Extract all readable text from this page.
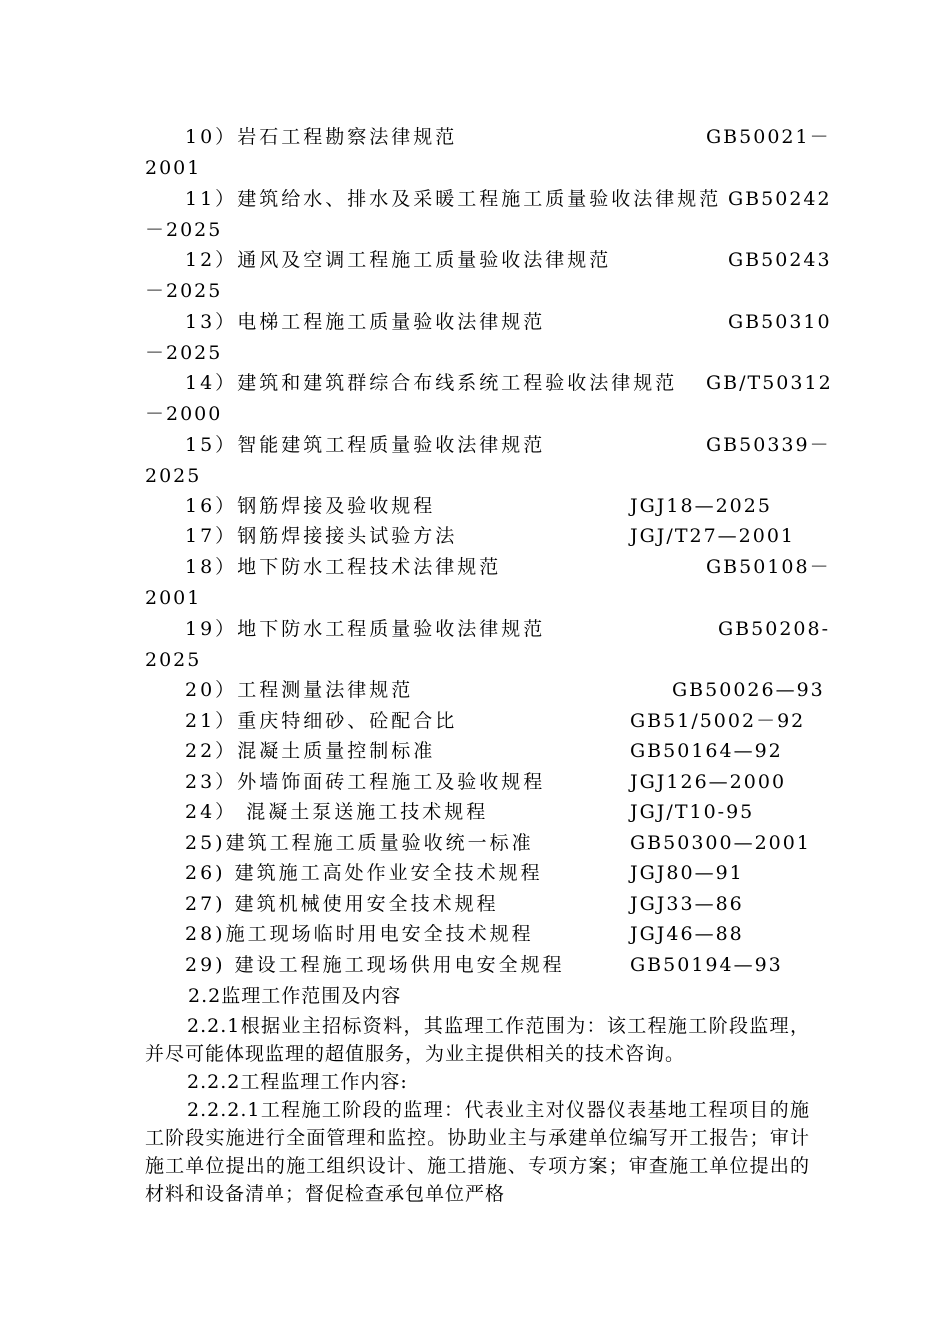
10）岩石工程勘察法律规范	GB50021－
2001
11）建筑给水、排水及采暖工程施工质量验收法律规范 GB50242
－2025
12）通风及空调工程施工质量验收法律规范	GB50243
－2025
13）电梯工程施工质量验收法律规范	GB50310
－2025
14）建筑和建筑群综合布线系统工程验收法律规范 GB/T50312
－2000
15）智能建筑工程质量验收法律规范	GB50339－
2025
16）钢筋焊接及验收规程	JGJ18—2025
17）钢筋焊接接头试验方法	JGJ/T27—2001
18）地下防水工程技术法律规范	GB50108－
2001
19）地下防水工程质量验收法律规范	GB50208-
2025
20）工程测量法律规范	GB50026—93
21）重庆特细砂、砼配合比	GB51/5002－92
22）混凝土质量控制标准	GB50164—92
23）外墙饰面砖工程施工及验收规程	JGJ126—2000
24） 混凝土泵送施工技术规程	JGJ/T10-95
25)建筑工程施工质量验收统一标准	GB50300—2001
26) 建筑施工高处作业安全技术规程	JGJ80—91
27) 建筑机械使用安全技术规程	JGJ33—86
28)施工现场临时用电安全技术规程	JGJ46—88
29) 建设工程施工现场供用电安全规程	GB50194—93
2.2监理工作范围及内容

2.2.1根据业主招标资料，其监理工作范围为：该工程施工阶段监理，并尽可能体现监理的超值服务，为业主提供相关的技术咨询。

2.2.2工程监理工作内容:

2.2.2.1工程施工阶段的监理：代表业主对仪器仪表基地工程项目的施工阶段实施进行全面管理和监控。协助业主与承建单位编写开工报告；审计施工单位提出的施工组织设计、施工措施、专项方案；审查施工单位提出的材料和设备清单；督促检查承包单位严格
